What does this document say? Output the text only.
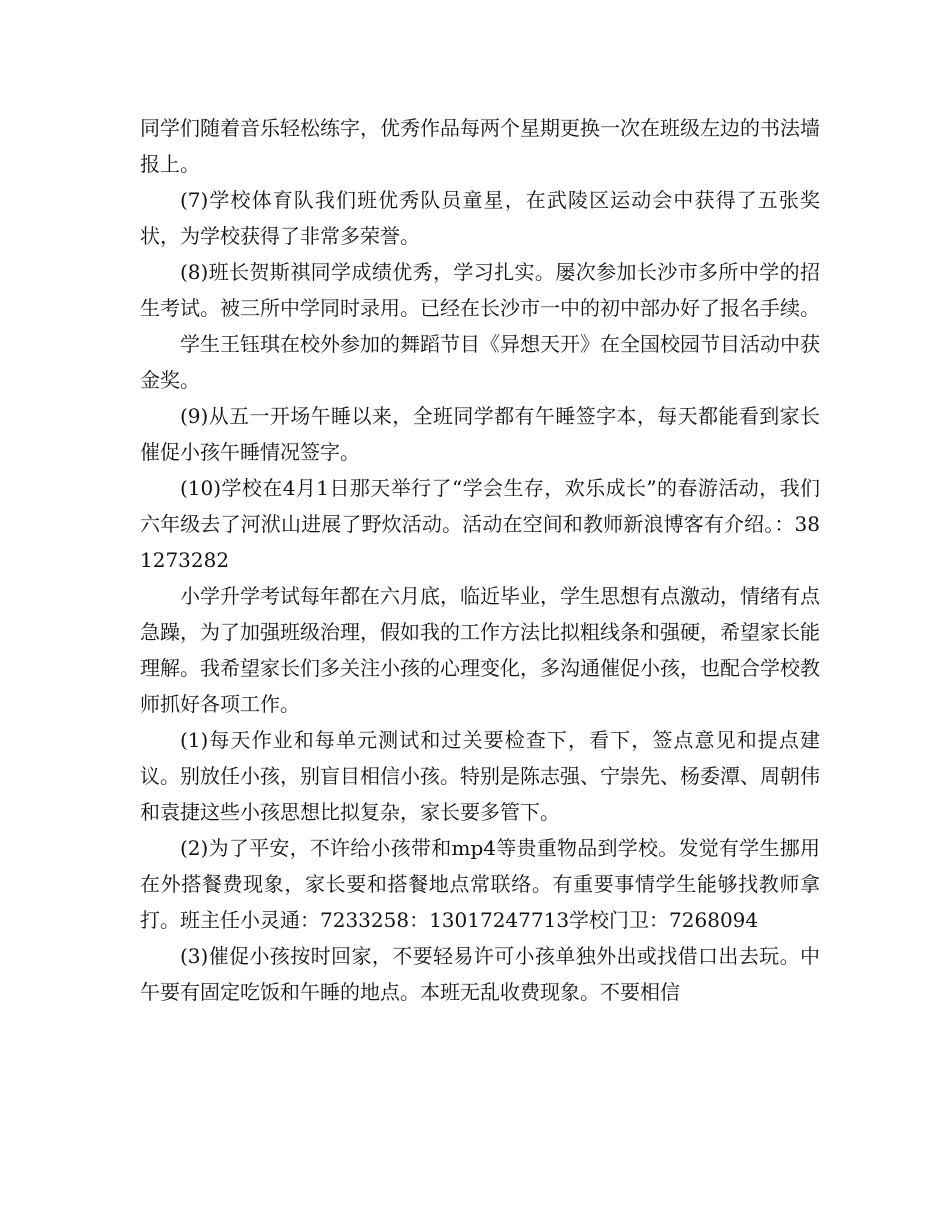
同学们随着音乐轻松练字，优秀作品每两个星期更换一次在班级左边的书法墙报上。

(7)学校体育队我们班优秀队员童星，在武陵区运动会中获得了五张奖状，为学校获得了非常多荣誉。

(8)班长贺斯祺同学成绩优秀，学习扎实。屡次参加长沙市多所中学的招生考试。被三所中学同时录用。已经在长沙市一中的初中部办好了报名手续。

学生王钰琪在校外参加的舞蹈节目《异想天开》在全国校园节目活动中获金奖。

(9)从五一开场午睡以来，全班同学都有午睡签字本，每天都能看到家长催促小孩午睡情况签字。

(10)学校在4月1日那天举行了“学会生存，欢乐成长”的春游活动，我们六年级去了河洑山进展了野炊活动。活动在空间和教师新浪博客有介绍。：381273282

小学升学考试每年都在六月底，临近毕业，学生思想有点激动，情绪有点急躁，为了加强班级治理，假如我的工作方法比拟粗线条和强硬，希望家长能理解。我希望家长们多关注小孩的心理变化，多沟通催促小孩，也配合学校教师抓好各项工作。

(1)每天作业和每单元测试和过关要检查下，看下，签点意见和提点建议。别放任小孩，别盲目相信小孩。特别是陈志强、宁崇先、杨委潭、周朝伟和袁捷这些小孩思想比拟复杂，家长要多管下。

(2)为了平安，不许给小孩带和mp4等贵重物品到学校。发觉有学生挪用在外搭餐费现象，家长要和搭餐地点常联络。有重要事情学生能够找教师拿打。班主任小灵通：7233258：13017247713学校门卫：7268094

(3)催促小孩按时回家，不要轻易许可小孩单独外出或找借口出去玩。中午要有固定吃饭和午睡的地点。本班无乱收费现象。不要相信
